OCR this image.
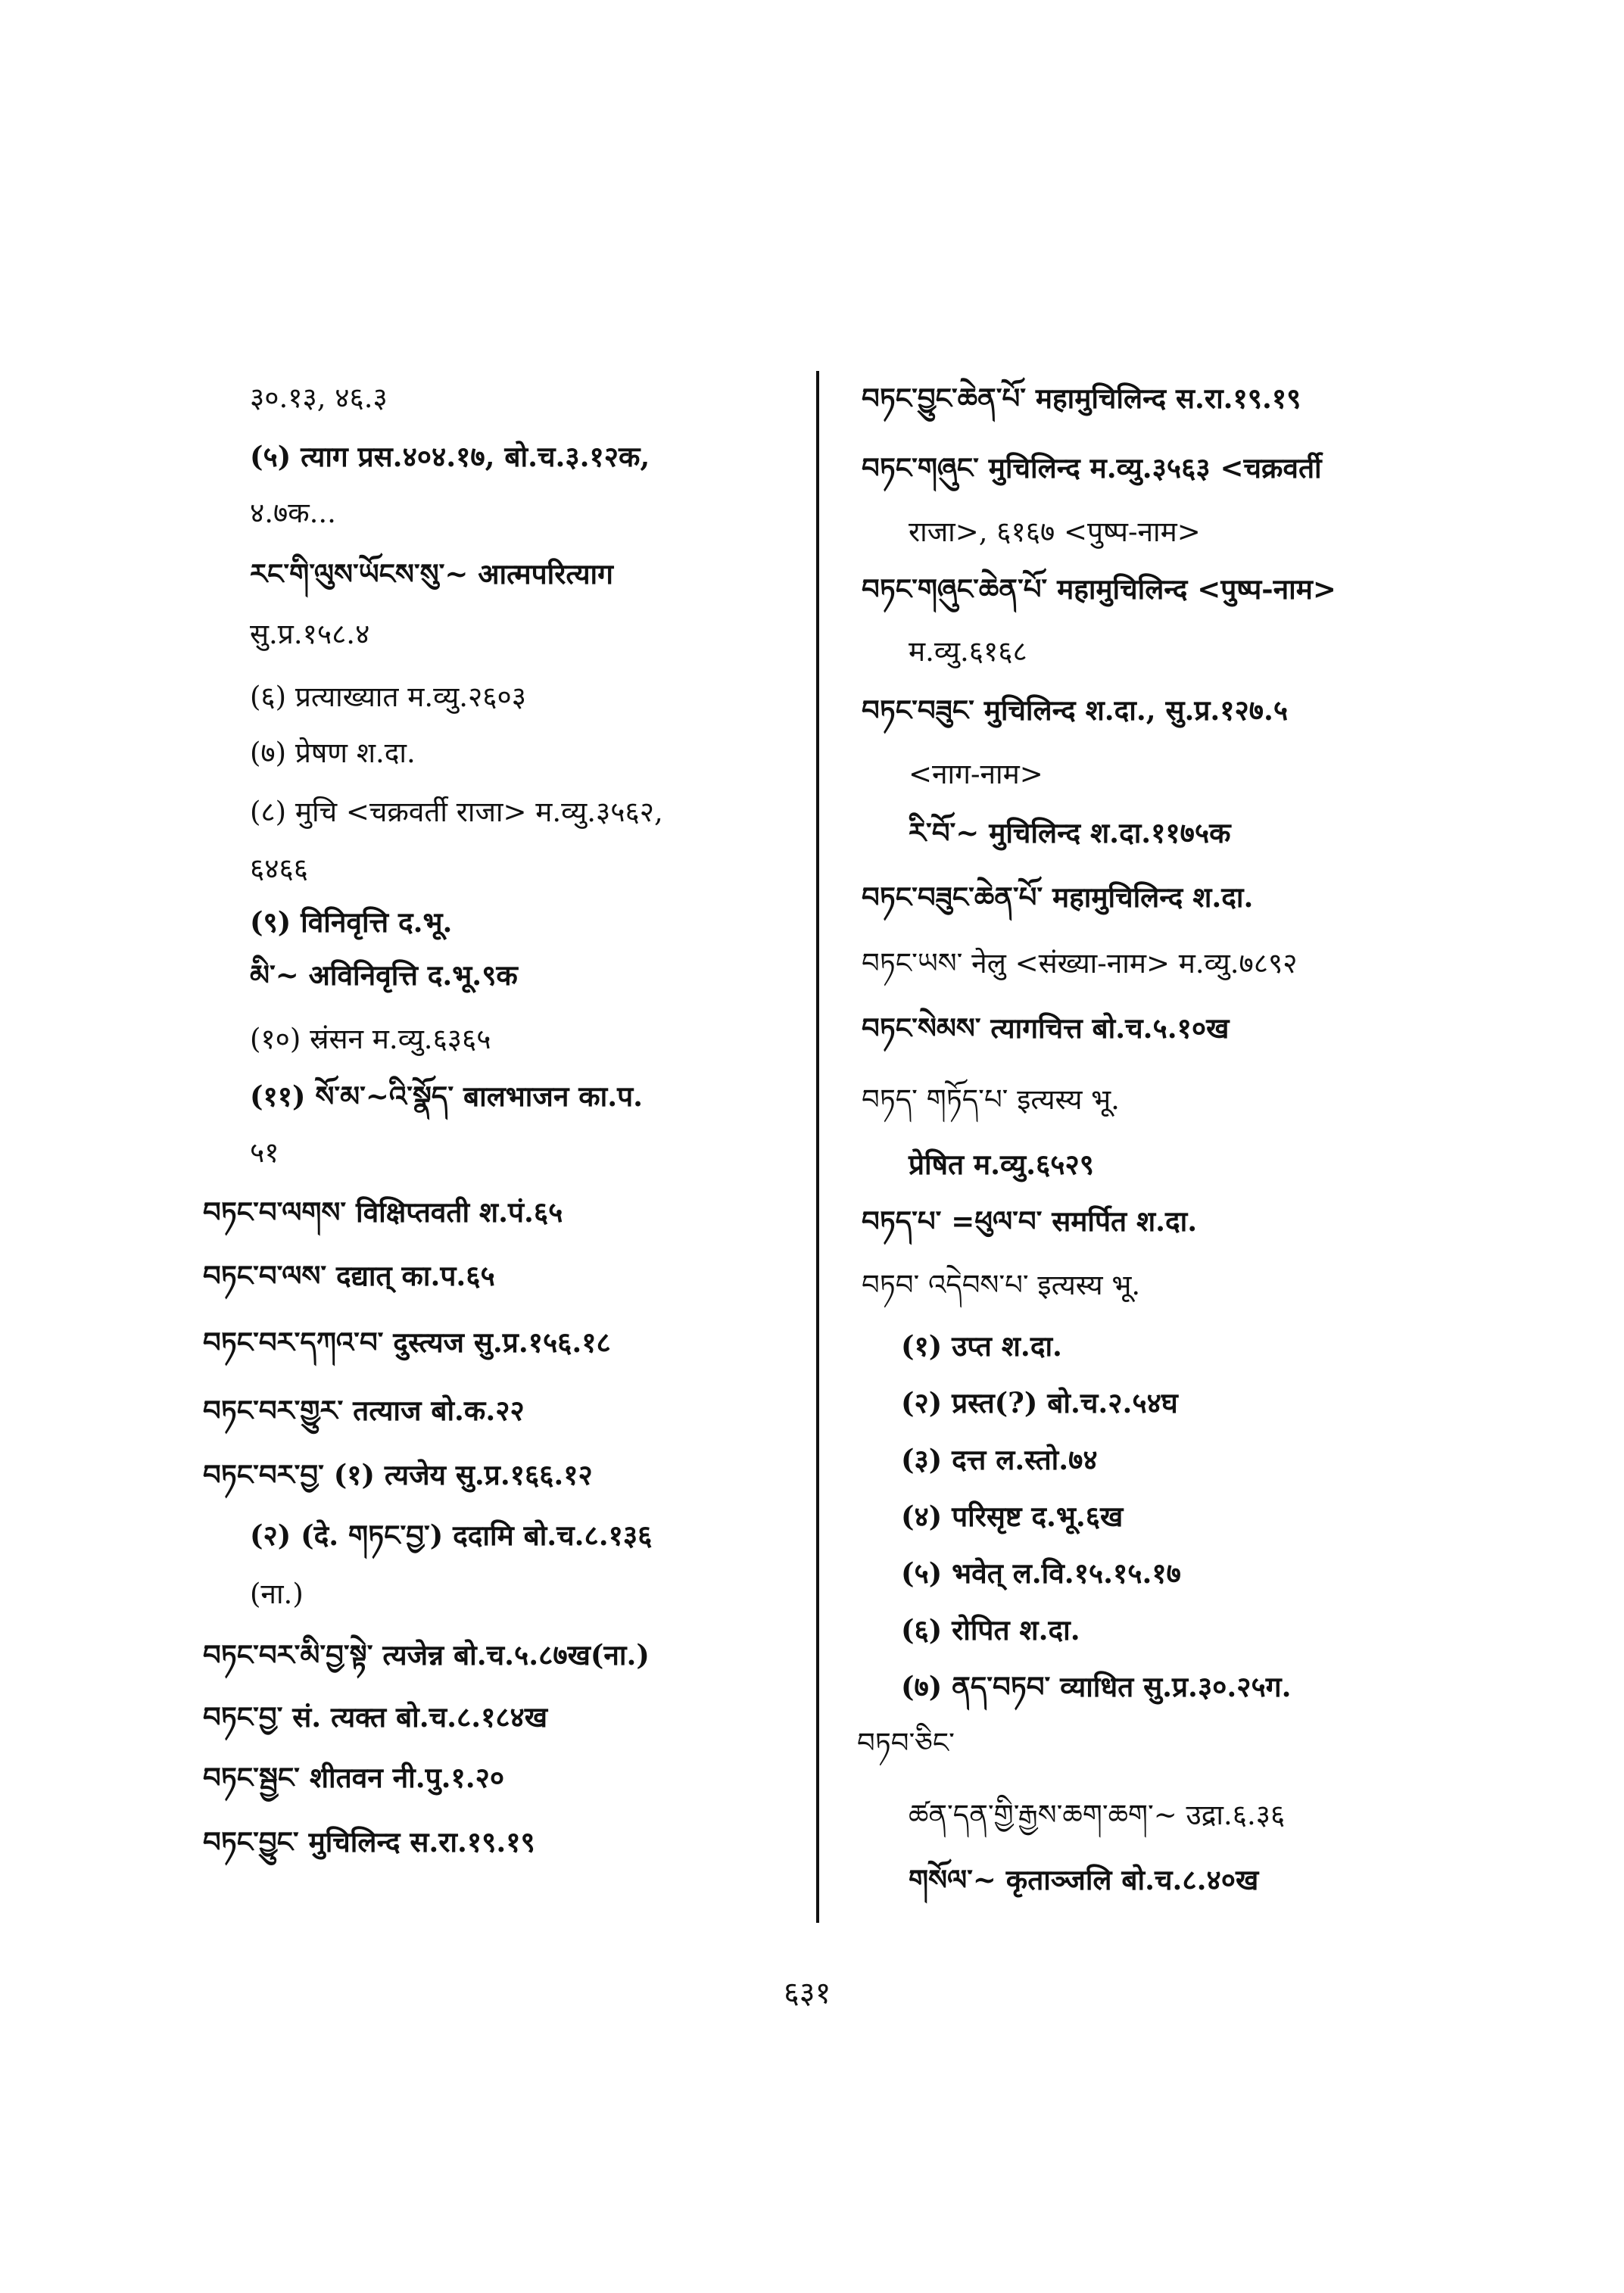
३०.१३, ४६.३
(५) त्याग प्रस.४०४.१७, बो.च.३.१२क,
४.७क...
རང་གི་ལུས་ཡོངས་སུ་~ आत्मपरित्याग
सु.प्र.१५८.४
(६) प्रत्याख्यात म.व्यु.२६०३
(७) प्रेषण श.दा.
(८) मुचि <चक्रवर्ती राजा> म.व्यु.३५६२,
६४६६
(९) विनिवृत्ति द.भू.
མི་~ अविनिवृत्ति द.भू.९क
(१०) स्रंसन म.व्यु.६३६५
(११) སོ་མ་~འི་སྣོད་ बालभाजन का.प.
५१
བཏང་བ་ལགས་ विक्षिप्तवती श.पं.६५
བཏང་བ་ལས་ दद्यात् का.प.६५
བཏང་བར་དཀའ་བ་ दुस्त्यज सु.प्र.१५६.१८
བཏང་བར་གྱུར་ तत्याज बो.क.२२
བཏང་བར་བྱ་ (१) त्यजेय सु.प्र.१६६.१२
(२) (दे. གཏང་བྱ་) ददामि बो.च.८.१३६
(ना.)
བཏང་བར་མི་བྱ་སྟེ་ त्यजेन्न बो.च.५.८७ख(ना.)
བཏང་བྱ་ सं. त्यक्त बो.च.८.१८४ख
བཏང་སྦྱང་ शीतवन नी.पु.१.२०
བཏང་བྱུང་ मुचिलिन्द स.रा.१९.१९
བཏང་བྱུང་ཆེན་པོ་ महामुचिलिन्द स.रा.१९.१९
བཏང་གཞུང་ मुचिलिन्द म.व्यु.३५६३ <चक्रवर्ती
राजा>, ६१६७ <पुष्प-नाम>
བཏང་གཞུང་ཆེན་པོ་ महामुचिलिन्द <पुष्प-नाम>
म.व्यु.६१६८
བཏང་བཟུང་ मुचिलिन्द श.दा., सु.प्र.१२७.५
<नाग-नाम>
རི་བོ་~ मुचिलिन्द श.दा.११७५क
བཏང་བཟུང་ཆེན་པོ་ महामुचिलिन्द श.दा.
བཏང་ཡས་ नेलु <संख्या-नाम> म.व्यु.७८९२
བཏང་སེམས་ त्यागचित्त बो.च.५.१०ख
བཏད་ གཏོད་པ་ इत्यस्य भू.
प्रेषित म.व्यु.६५२९
བཏད་པ་ =ཕུལ་བ་ समर्पित श.दा.
བཏབ་ འདེབས་པ་ इत्यस्य भू.
(१) उप्त श.दा.
(२) प्रस्त(?) बो.च.२.५४घ
(३) दत्त ल.स्तो.७४
(४) परिसृष्ट द.भू.६ख
(५) भवेत् ल.वि.१५.१५.१७
(६) रोपित श.दा.
(७) ནད་བཏབ་ व्याधित सु.प्र.३०.२५ग.
བཏབ་ཅིང་
ཚན་དན་གྱི་རྒྱས་ཆག་ཆག་~ उद्रा.६.३६
གསོལ་~ कृताञ्जलि बो.च.८.४०ख
६३१
